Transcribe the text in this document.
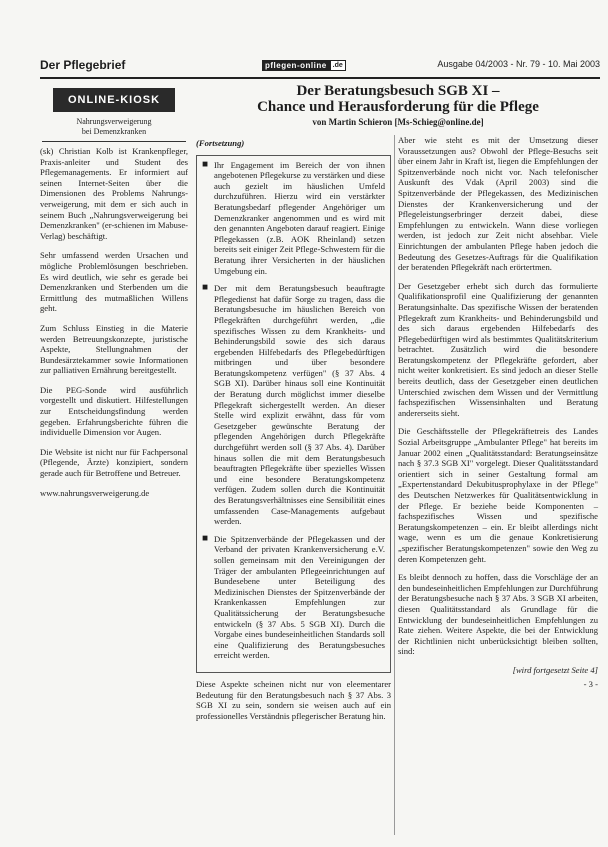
Der Pflegebrief	pflegen-online .de	Ausgabe 04/2003 - Nr. 79 - 10. Mai 2003
ONLINE-KIOSK
Nahrungsverweigerung
bei Demenzkranken

(sk) Christian Kolb ist Krankenpfleger, Praxis-anleiter und Student des Pflegemanagements. Er informiert auf seinen Internet-Seiten über die Dimensionen des Problems Nahrungs-verweigerung, mit dem er sich auch in seinem Buch „Nahrungsverweigerung bei Demenzkranken" (er-schienen im Mabuse-Verlag) beschäftigt.

Sehr umfassend werden Ursachen und mögliche Problemlösungen beschrieben. Es wird deutlich, wie sehr es gerade bei Demenzkranken und Sterbenden um die Ermittlung des mutmaßlichen Willens geht.

Zum Schluss Einstieg in die Materie werden Betreuungskonzepte, juristische Aspekte, Stellungnahmen der Bundesärztekammer sowie Informationen zur palliativen Ernährung bereitgestellt.

Die PEG-Sonde wird ausführlich vorgestellt und diskutiert. Hilfestellungen zur Entscheidungsfindung werden gegeben. Erfahrungsberichte führen die individuelle Dimension vor Augen.

Die Website ist nicht nur für Fachpersonal (Pflegende, Ärzte) konzipiert, sondern gerade auch für Betroffene und Betreuer.

www.nahrungsverweigerung.de

Der Beratungsbesuch SGB XI –
Chance und Herausforderung für die Pflege
von Martin Schieron [Ms-Schieg@online.de]
(Fortsetzung)
■ Ihr Engagement im Bereich der von ihnen angebotenen Pflegekurse zu verstärken und diese auch gezielt im häuslichen Umfeld durchzuführen. Hierzu wird ein verstärkter Beratungsbedarf pflegender Angehöriger um Demenzkranker angenommen und es wird mit den genannten Angeboten darauf reagiert. Einige Pflegekassen (z.B. AOK Rheinland) setzen bereits seit einiger Zeit Pflege-Schwestern für die Beratung ihrer Versicherten in der häuslichen Umgebung ein.
■ Der mit dem Beratungsbesuch beauftragte Pflegedienst hat dafür Sorge zu tragen, dass die Beratungsbesuche im häuslichen Bereich von Pflegekräften durchgeführt werden, „die spezifisches Wissen zu dem Krankheits- und Behinderungsbild sowie des sich daraus ergebenden Hilfebedarfs des Pflegebedürftigen mitbringen und über besondere Beratungskompetenz verfügen" (§ 37 Abs. 4 SGB XI). Darüber hinaus soll eine Kontinuität der Beratung durch möglichst immer dieselbe Pflegekraft sichergestellt werden. An dieser Stelle wird explizit erwähnt, dass für vom Gesetzgeber gewünschte Beratung der pflegenden Angehörigen durch Pflegekräfte durchgeführt werden soll (§ 37 Abs. 4). Darüber hinaus sollen die mit dem Beratungsbesuch beauftragten Pflegekräfte über spezielles Wissen und eine besondere Beratungskompetenz verfügen. Zudem sollen durch die Kontinuität des Beratungsverhältnisses eine Sensibilität eines umfassenden Case-Managements aufgebaut werden.
■ Die Spitzenverbände der Pflegekassen und der Verband der privaten Krankenversicherung e.V. sollen gemeinsam mit den Vereinigungen der Träger der ambulanten Pflegeeinrichtungen auf Bundesebene unter Beteiligung des Medizinischen Dienstes der Spitzenverbände der Krankenkassen Empfehlungen zur Qualitätssicherung der Beratungsbesuche entwickeln (§ 37 Abs. 5 SGB XI). Durch die Vorgabe eines bundeseinheitlichen Standards soll eine Qualifizierung des Beratungsbesuches erreicht werden.

Diese Aspekte scheinen nicht nur von eleementarer Bedeutung für den Beratungsbesuch nach § 37 Abs. 3 SGB XI zu sein, sondern sie weisen auch auf ein professionelles Verständnis pflegerischer Beratung hin.

Aber wie steht es mit der Umsetzung dieser Voraussetzungen aus? Obwohl der Pflege-Besuchs seit über einem Jahr in Kraft ist, liegen die Empfehlungen der Spitzenverbände noch nicht vor. Nach telefonischer Auskunft des Vdak (April 2003) sind die Spitzenverbände der Pflegekassen, des Medizinischen Dienstes der Krankenversicherung und der Pflegeleistungserbringer derzeit dabei, diese Empfehlungen zu entwickeln. Wann diese vorliegen werden, ist jedoch zur Zeit nicht absehbar. Viele Einrichtungen der ambulanten Pflege haben jedoch die Bedeutung des Gesetzes-Auftrags für die Qualifikation der beratenden Pflegekräft nach erörtertmen.

Der Gesetzgeber erhebt sich durch das formulierte Qualifikationsprofil eine Qualifizierung der genannten Beratungsinhalte. Das spezifische Wissen der beratenden Pflegekraft zum Krankheits- und Behinderungsbild und des sich daraus ergebenden Hilfebedarfs des Pflegebedürftigen wird als bestimmtes Qualitätskriterium betrachtet. Zusätzlich wird die besondere Beratungskompetenz der Pflegekräfte gefordert, aber nicht weiter konkretisiert. Es sind jedoch an dieser Stelle bereits deutlich, dass der Gesetzgeber einen deutlichen Unterschied zwischen dem Wissen und der Vermittlung fachspezifischen Wissensinhalten und Beratung andererseits sieht.

Die Geschäftsstelle der Pflegekräftetreis des Landes Sozial Arbeitsgruppe „Ambulanter Pflege" hat bereits im Januar 2002 einen „Qualitätsstandard: Beratungseinsätze nach § 37.3 SGB XI" vorgelegt. Dieser Qualitätsstandard orientiert sich in seiner Gestaltung formal am „Expertenstandard Dekubitusprophylaxe in der Pflege" des Deutschen Netzwerkes für Qualitätsentwicklung in der Pflege. Er beziehe beide Komponenten – fachspezifisches Wissen und spezifische Beratungskompetenzen – ein. Er bleibt allerdings nicht wage, wenn es um die genaue Konkretisierung „spezifischer Beratungskompetenzen" sowie den Weg zu deren Kompetenzen geht.

Es bleibt dennoch zu hoffen, dass die Vorschläge der an den bundeseinheitlichen Empfehlungen zur Durchführung der Beratungsbesuche nach § 37 Abs. 3 SGB XI arbeiten, diesen Qualitätsstandard als Grundlage für die Entwicklung der bundeseinheitlichen Empfehlungen zu Rate ziehen. Weitere Aspekte, die bei der Entwicklung der Richtlinien nicht unberücksichtigt bleiben sollten, sind:

[wird fortgesetzt Seite 4]
- 3 -
